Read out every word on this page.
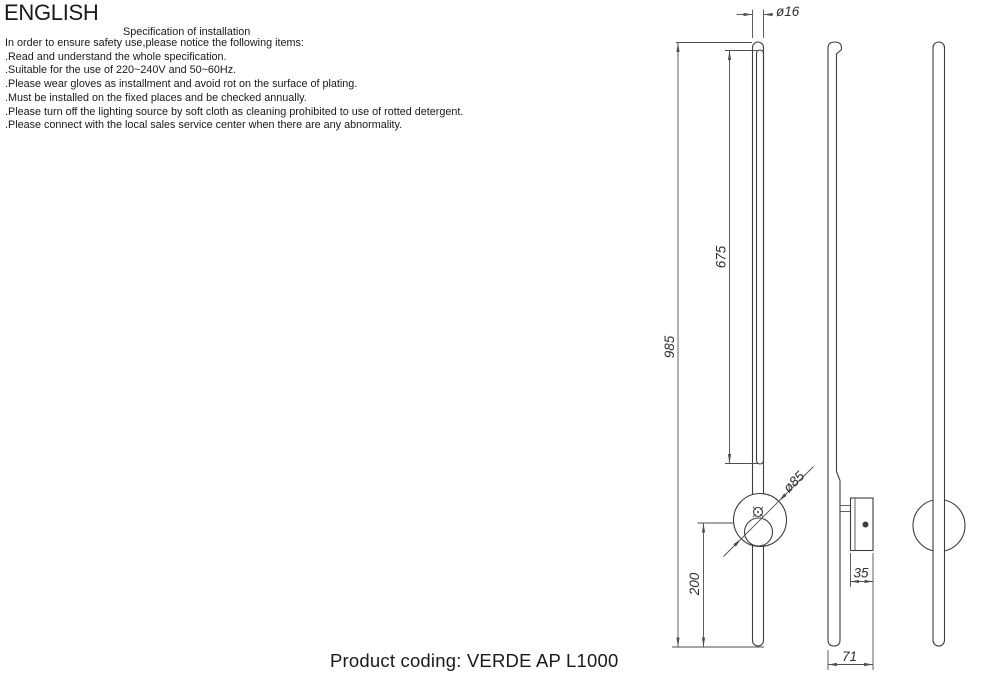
ENGLISH
Specification of installation
In order to ensure safety use,please notice the following items:
.Read and understand the whole specification.
.Suitable for the use of 220~240V and 50~60Hz.
.Please wear gloves as installment and avoid rot on the surface of plating.
.Must be installed on the fixed places and be checked annually.
.Please turn off the lighting source by soft cloth as cleaning prohibited to use of rotted detergent.
.Please connect with the local sales service center when there are any abnormality.
ø16
985
675
200
ø85
35
71
Product coding: VERDE AP L1000
